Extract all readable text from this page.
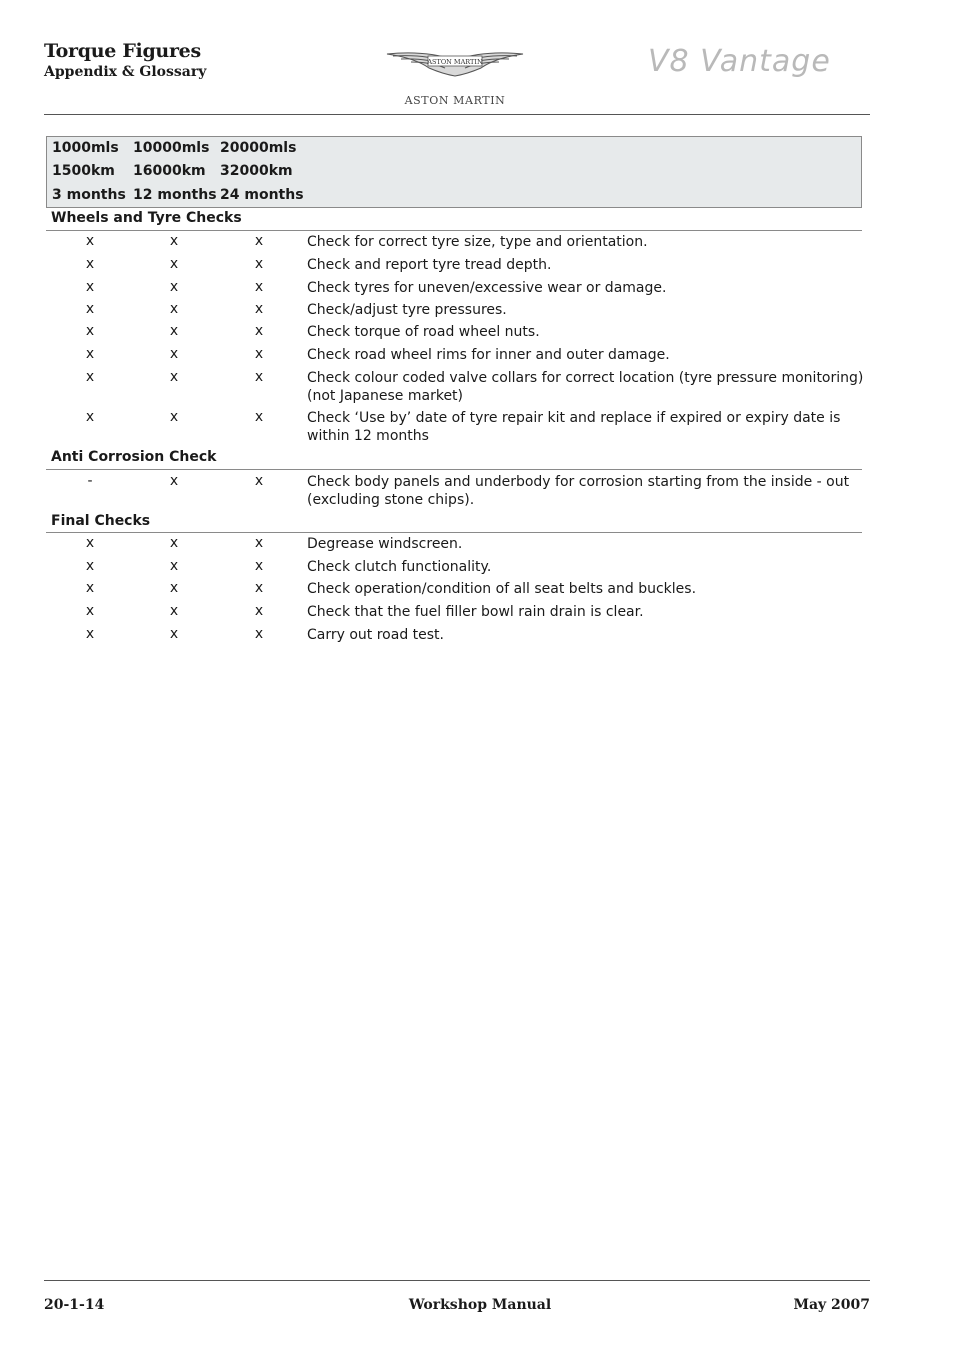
Torque Figures
Appendix & Glossary
ASTON MARTIN
ASTON MARTIN
V8 Vantage
1000mls 10000mls 20000mls
1500km 16000km 32000km
3 months 12 months 24 months
Wheels and Tyre Checks
x	x	x	Check for correct tyre size, type and orientation.
x	x	x	Check and report tyre tread depth.
x	x	x	Check tyres for uneven/excessive wear or damage.
x	x	x	Check/adjust tyre pressures.
x	x	x	Check torque of road wheel nuts.
x	x	x	Check road wheel rims for inner and outer damage.
x	x	x	Check colour coded valve collars for correct location (tyre pressure monitoring)
(not Japanese market)
x	x	x	Check ‘Use by’ date of tyre repair kit and replace if expired or expiry date is
within 12 months
Anti Corrosion Check
-	x	x	Check body panels and underbody for corrosion starting from the inside - out
(excluding stone chips).
Final Checks
x	x	x	Degrease windscreen.
x	x	x	Check clutch functionality.
x	x	x	Check operation/condition of all seat belts and buckles.
x	x	x	Check that the fuel filler bowl rain drain is clear.
x	x	x	Carry out road test.
20-1-14	Workshop Manual	May 2007
